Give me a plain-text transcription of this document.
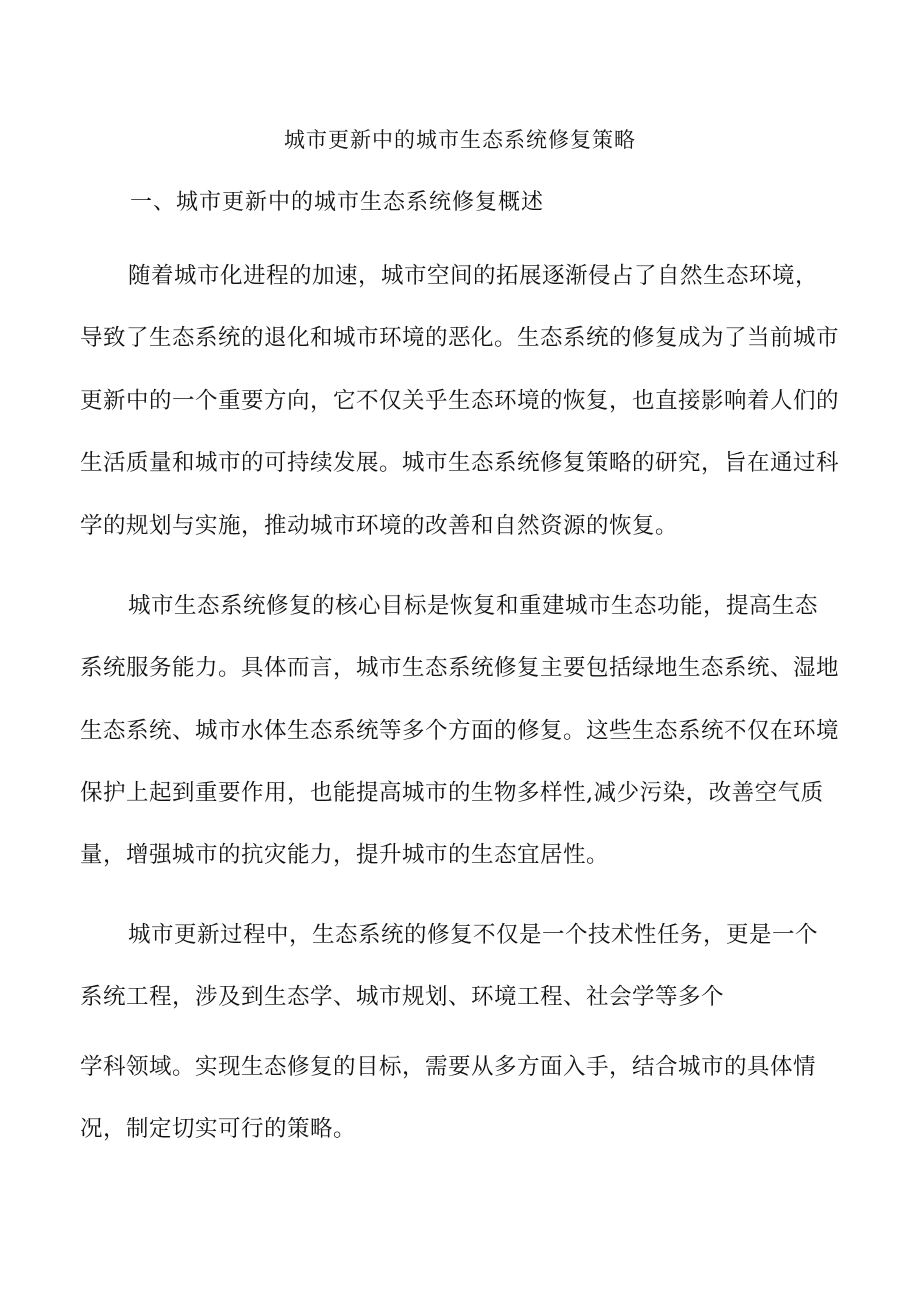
城市更新中的城市生态系统修复策略
一、城市更新中的城市生态系统修复概述
随着城市化进程的加速，城市空间的拓展逐渐侵占了自然生态环境，
导致了生态系统的退化和城市环境的恶化。生态系统的修复成为了当前城市
更新中的一个重要方向，它不仅关乎生态环境的恢复，也直接影响着人们的
生活质量和城市的可持续发展。城市生态系统修复策略的研究，旨在通过科
学的规划与实施，推动城市环境的改善和自然资源的恢复。
城市生态系统修复的核心目标是恢复和重建城市生态功能，提高生态
系统服务能力。具体而言，城市生态系统修复主要包括绿地生态系统、湿地
生态系统、城市水体生态系统等多个方面的修复。这些生态系统不仅在环境
保护上起到重要作用，也能提高城市的生物多样性,减少污染，改善空气质
量，增强城市的抗灾能力，提升城市的生态宜居性。
城市更新过程中，生态系统的修复不仅是一个技术性任务，更是一个
系统工程，涉及到生态学、城市规划、环境工程、社会学等多个
学科领域。实现生态修复的目标，需要从多方面入手，结合城市的具体情
况，制定切实可行的策略。
